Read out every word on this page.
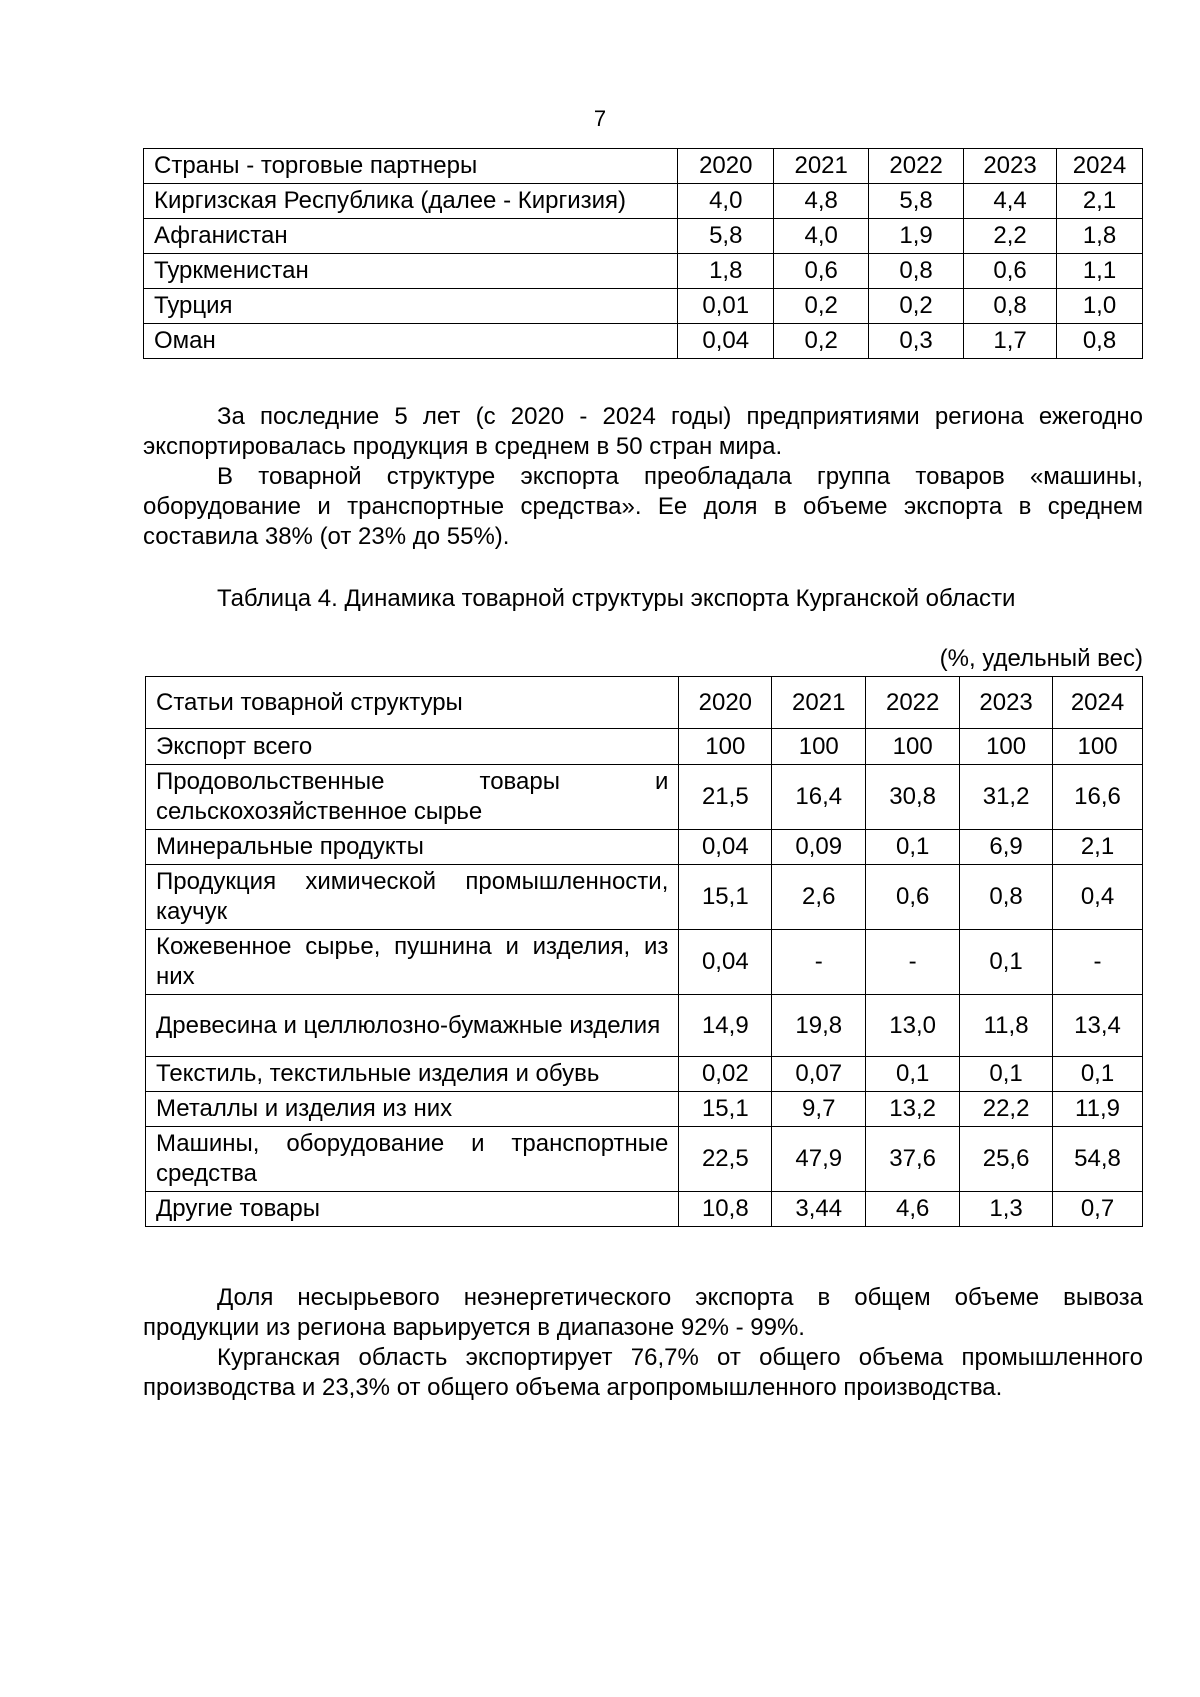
7
Страны - торговые партнеры	2020	2021	2022	2023	2024
Киргизская Республика (далее - Киргизия)	4,0	4,8	5,8	4,4	2,1
Афганистан	5,8	4,0	1,9	2,2	1,8
Туркменистан	1,8	0,6	0,8	0,6	1,1
Турция	0,01	0,2	0,2	0,8	1,0
Оман	0,04	0,2	0,3	1,7	0,8

За последние 5 лет (с 2020 - 2024 годы) предприятиями региона ежегодно экспортировалась продукция в среднем в 50 стран мира.

В товарной структуре экспорта преобладала группа товаров «машины, оборудование и транспортные средства». Ее доля в объеме экспорта в среднем составила 38% (от 23% до 55%).

Таблица 4. Динамика товарной структуры экспорта Курганской области
(%, удельный вес)
Статьи товарной структуры	2020	2021	2022	2023	2024
Экспорт всего	100	100	100	100	100
Продовольственные товары и сельскохозяйственное сырье	21,5	16,4	30,8	31,2	16,6
Минеральные продукты	0,04	0,09	0,1	6,9	2,1
Продукция химической промышленности, каучук	15,1	2,6	0,6	0,8	0,4
Кожевенное сырье, пушнина и изделия, из них	0,04	-	-	0,1	-
Древесина и целлюлозно-бумажные изделия	14,9	19,8	13,0	11,8	13,4
Текстиль, текстильные изделия и обувь	0,02	0,07	0,1	0,1	0,1
Металлы и изделия из них	15,1	9,7	13,2	22,2	11,9
Машины, оборудование и транспортные средства	22,5	47,9	37,6	25,6	54,8
Другие товары	10,8	3,44	4,6	1,3	0,7

Доля несырьевого неэнергетического экспорта в общем объеме вывоза продукции из региона варьируется в диапазоне 92% - 99%.

Курганская область экспортирует 76,7% от общего объема промышленного производства и 23,3% от общего объема агропромышленного производства.
